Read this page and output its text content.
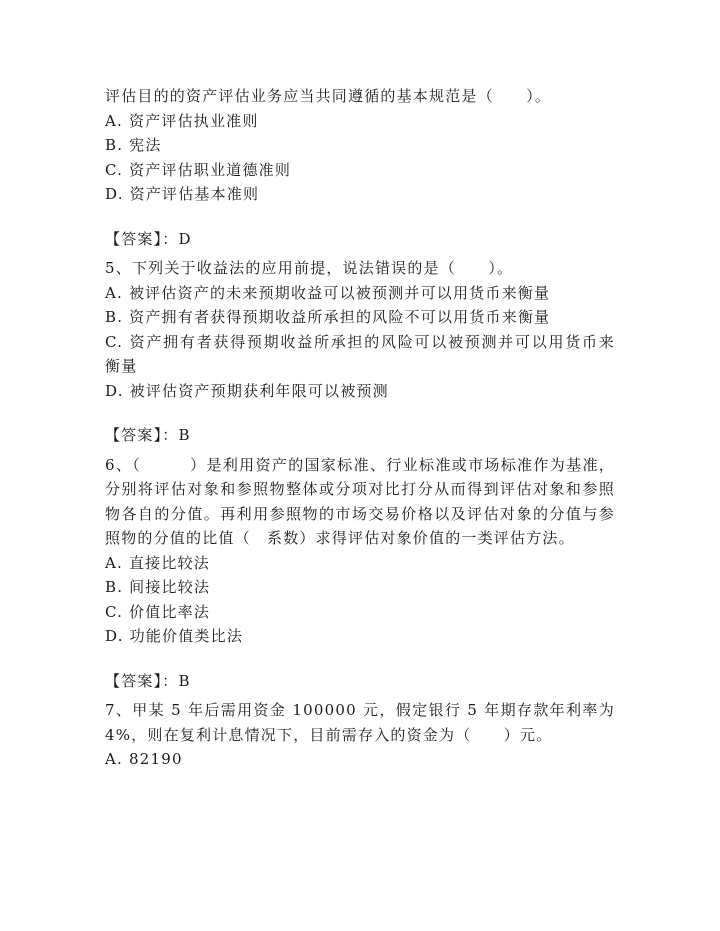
评估目的的资产评估业务应当共同遵循的基本规范是（　　）。
A. 资产评估执业准则
B. 宪法
C. 资产评估职业道德准则
D. 资产评估基本准则
【答案】：D
5、下列关于收益法的应用前提，说法错误的是（　　）。
A. 被评估资产的未来预期收益可以被预测并可以用货币来衡量
B. 资产拥有者获得预期收益所承担的风险不可以用货币来衡量
C. 资产拥有者获得预期收益所承担的风险可以被预测并可以用货币来衡量
D. 被评估资产预期获利年限可以被预测
【答案】：B
6、（　　　）是利用资产的国家标准、行业标准或市场标准作为基准，分别将评估对象和参照物整体或分项对比打分从而得到评估对象和参照物各自的分值。再利用参照物的市场交易价格以及评估对象的分值与参照物的分值的比值（　系数）求得评估对象价值的一类评估方法。
A. 直接比较法
B. 间接比较法
C. 价值比率法
D. 功能价值类比法
【答案】：B
7、甲某 5 年后需用资金 100000 元，假定银行 5 年期存款年利率为 4%，则在复利计息情况下，目前需存入的资金为（　　）元。
A. 82190
